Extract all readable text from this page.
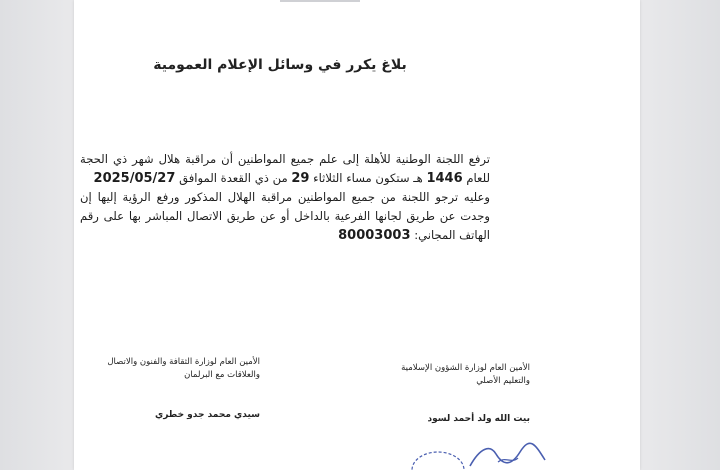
بلاغ يكرر في وسائل الإعلام العمومية

ترفع اللجنة الوطنية للأهلة إلى علم جميع المواطنين أن مراقبة هلال شهر ذي الحجة للعام 1446 هـ ستكون مساء الثلاثاء 29 من ذي القعدة الموافق 2025/05/27

وعليه ترجو اللجنة من جميع المواطنين مراقبة الهلال المذكور ورفع الرؤية إليها إن وجدت عن طريق لجانها الفرعية بالداخل أو عن طريق الاتصال المباشر بها على رقم الهاتف المجاني: 80003003

الأمين العام لوزارة الشؤون الإسلامية والتعليم الأصلي
الأمين العام لوزارة الثقافة والفنون والاتصال والعلاقات مع البرلمان
بيت الله ولد أحمد لسود
سيدي محمد جدو خطري
